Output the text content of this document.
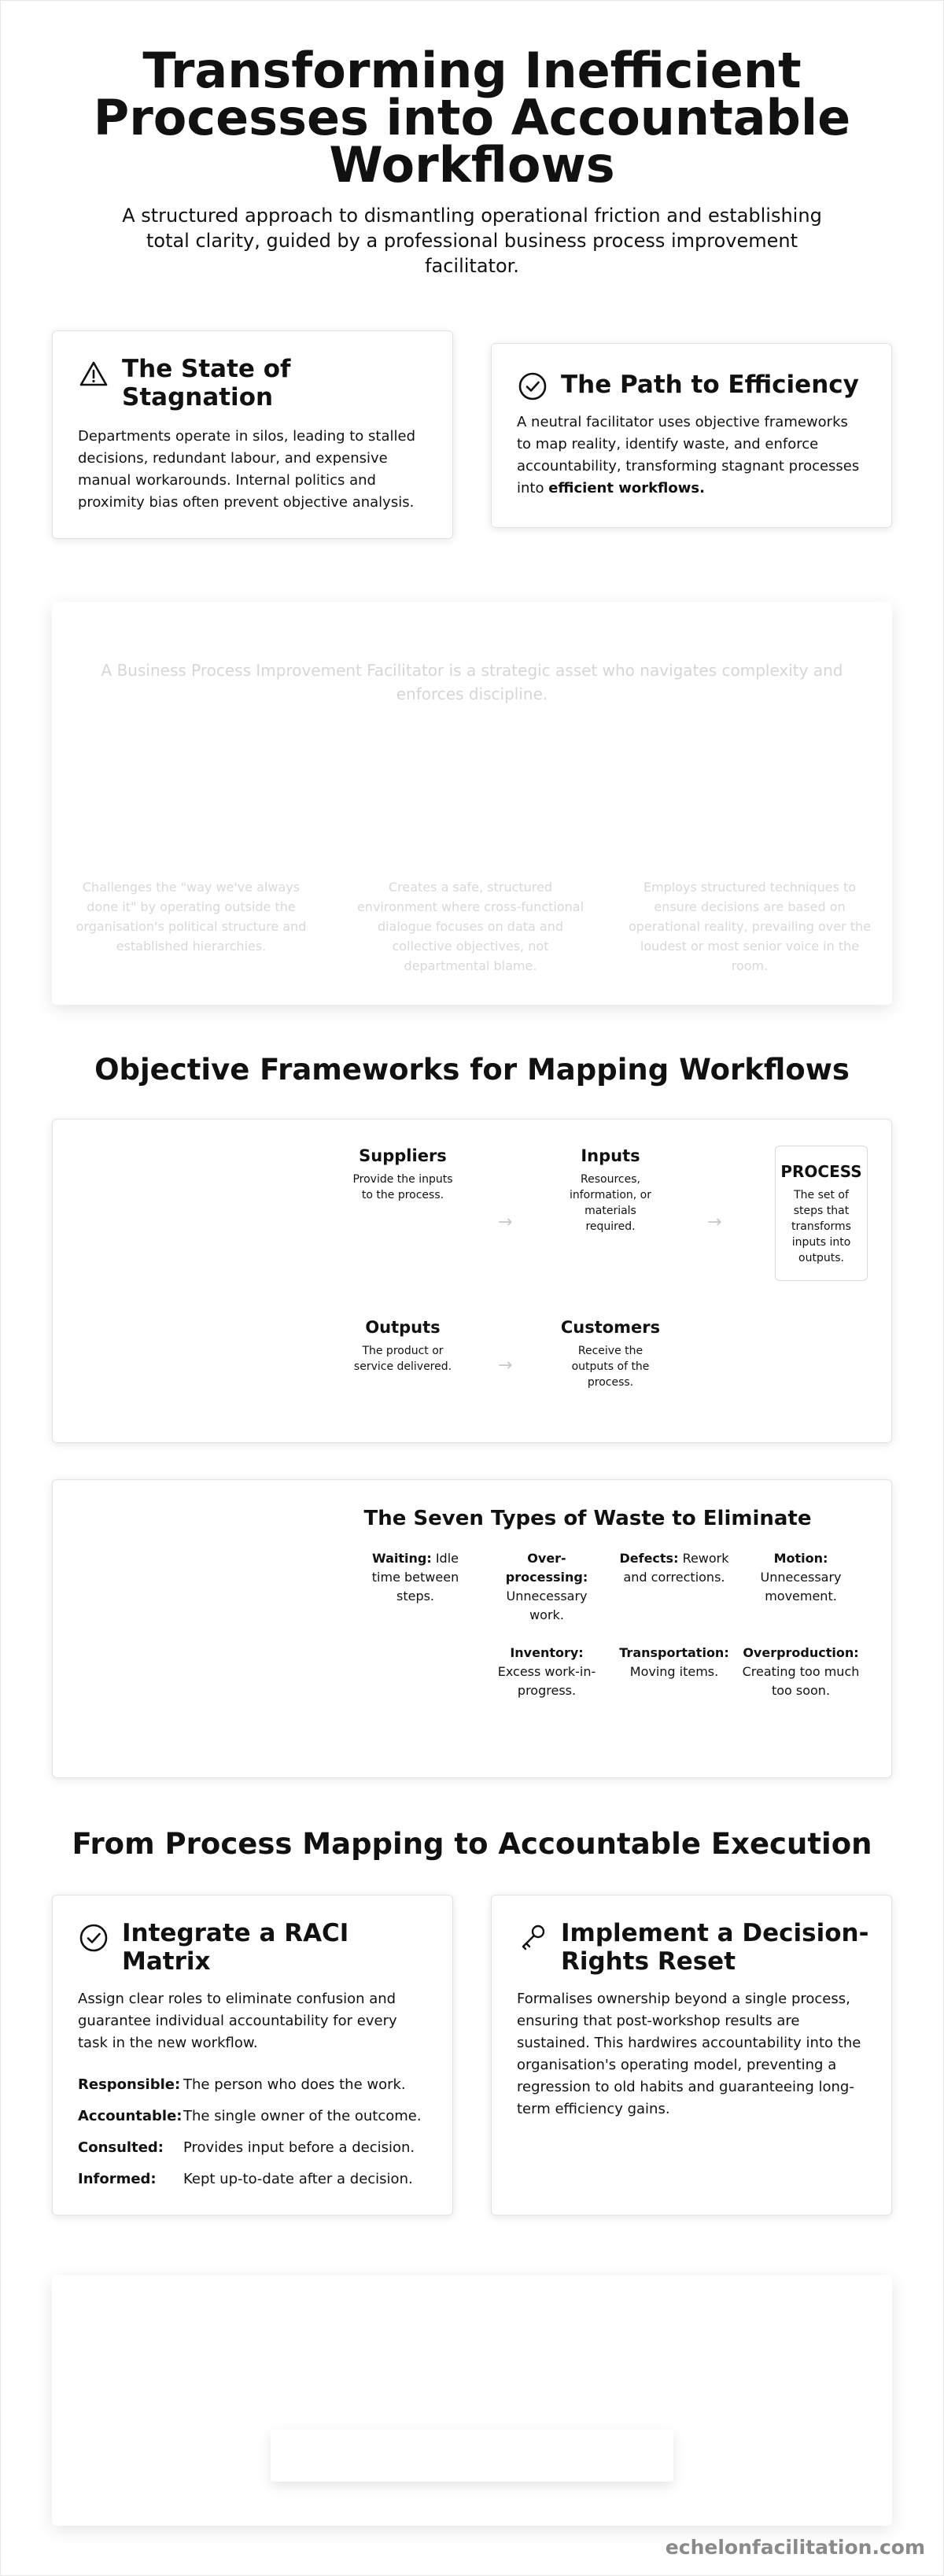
Transforming Inefficient Processes into Accountable Workflows

A structured approach to dismantling operational friction and establishing total clarity, guided by a professional business process improvement facilitator.

The State of Stagnation

Departments operate in silos, leading to stalled decisions, redundant labour, and expensive manual workarounds. Internal politics and proximity bias often prevent objective analysis.

The Path to Efficiency

A neutral facilitator uses objective frameworks to map reality, identify waste, and enforce accountability, transforming stagnant processes into efficient workflows.

A Business Process Improvement Facilitator is a strategic asset who navigates complexity and enforces discipline.

Challenges the "way we've always done it" by operating outside the organisation's political structure and established hierarchies.

Creates a safe, structured environment where cross-functional dialogue focuses on data and collective objectives, not departmental blame.

Employs structured techniques to ensure decisions are based on operational reality, prevailing over the loudest or most senior voice in the room.

Objective Frameworks for Mapping Workflows
Suppliers
Provide the inputs to the process.
→
Inputs
Resources, information, or materials required.	→
PROCESS
The set of steps that transforms inputs into outputs.
Outputs
The product or service delivered.	→
Customers
Receive the outputs of the process.
The Seven Types of Waste to Eliminate
Waiting: Idle time between steps.
Over-processing: Unnecessary work.
Defects: Rework and corrections.
Motion: Unnecessary movement.
Inventory: Excess work-in-progress.
Transportation: Moving items.
Overproduction: Creating too much too soon.
From Process Mapping to Accountable Execution
Integrate a RACI Matrix

Assign clear roles to eliminate confusion and guarantee individual accountability for every task in the new workflow.

Responsible: The person who does the work.
Accountable: The single owner of the outcome.
Consulted:	Provides input before a decision.
Informed:	Kept up-to-date after a decision.
Implement a Decision-Rights Reset

Formalises ownership beyond a single process, ensuring that post-workshop results are sustained. This hardwires accountability into the organisation's operating model, preventing a regression to old habits and guaranteeing long-term efficiency gains.

echelonfacilitation.com
